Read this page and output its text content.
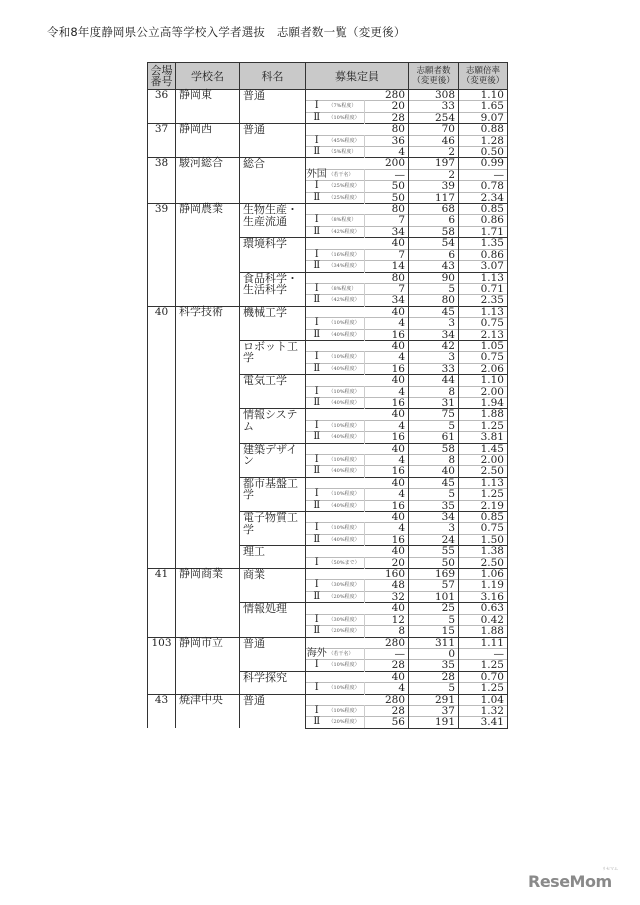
令和8年度静岡県公立高等学校入学者選抜　志願者数一覧（変更後）
会場番号	学校名	科名	募集定員			志願者数（変更後）	志願倍率（変更後）
36	静岡東	普通			280	308	1.10
			Ⅰ	（7%程度）	20	33	1.65
			Ⅱ	（10%程度）	28	254	9.07
37	静岡西	普通			80	70	0.88
			Ⅰ	（45%程度）	36	46	1.28
			Ⅱ	（5%程度）	4	2	0.50
38	駿河総合	総合			200	197	0.99
			外国	（若干名）	—	2	—
			Ⅰ	（25%程度）	50	39	0.78
			Ⅱ	（25%程度）	50	117	2.34
39	静岡農業	生物生産・生産流通			80	68	0.85
			Ⅰ	（8%程度）	7	6	0.86
			Ⅱ	（42%程度）	34	58	1.71
		環境科学			40	54	1.35
			Ⅰ	（16%程度）	7	6	0.86
			Ⅱ	（34%程度）	14	43	3.07
		食品科学・生活科学			80	90	1.13
			Ⅰ	（8%程度）	7	5	0.71
			Ⅱ	（42%程度）	34	80	2.35
40	科学技術	機械工学			40	45	1.13
			Ⅰ	（10%程度）	4	3	0.75
			Ⅱ	（40%程度）	16	34	2.13
		ロボット工学			40	42	1.05
			Ⅰ	（10%程度）	4	3	0.75
			Ⅱ	（40%程度）	16	33	2.06
		電気工学			40	44	1.10
			Ⅰ	（10%程度）	4	8	2.00
			Ⅱ	（40%程度）	16	31	1.94
		情報システム			40	75	1.88
			Ⅰ	（10%程度）	4	5	1.25
			Ⅱ	（40%程度）	16	61	3.81
		建築デザイン			40	58	1.45
			Ⅰ	（10%程度）	4	8	2.00
			Ⅱ	（40%程度）	16	40	2.50
		都市基盤工学			40	45	1.13
			Ⅰ	（10%程度）	4	5	1.25
			Ⅱ	（40%程度）	16	35	2.19
		電子物質工学			40	34	0.85
			Ⅰ	（10%程度）	4	3	0.75
			Ⅱ	（40%程度）	16	24	1.50
		理工			40	55	1.38
			Ⅰ	（50%まで）	20	50	2.50
41	静岡商業	商業			160	169	1.06
			Ⅰ	（30%程度）	48	57	1.19
			Ⅱ	（20%程度）	32	101	3.16
		情報処理			40	25	0.63
			Ⅰ	（30%程度）	12	5	0.42
			Ⅱ	（20%程度）	8	15	1.88
103	静岡市立	普通			280	311	1.11
			海外	（若干名）	—	0	—
			Ⅰ	（10%程度）	28	35	1.25
		科学探究			40	28	0.70
			Ⅰ	（10%程度）	4	5	1.25
43	焼津中央	普通			280	291	1.04
			Ⅰ	（10%程度）	28	37	1.32
			Ⅱ	（20%程度）	56	191	3.41
ReseMom
リセマム
